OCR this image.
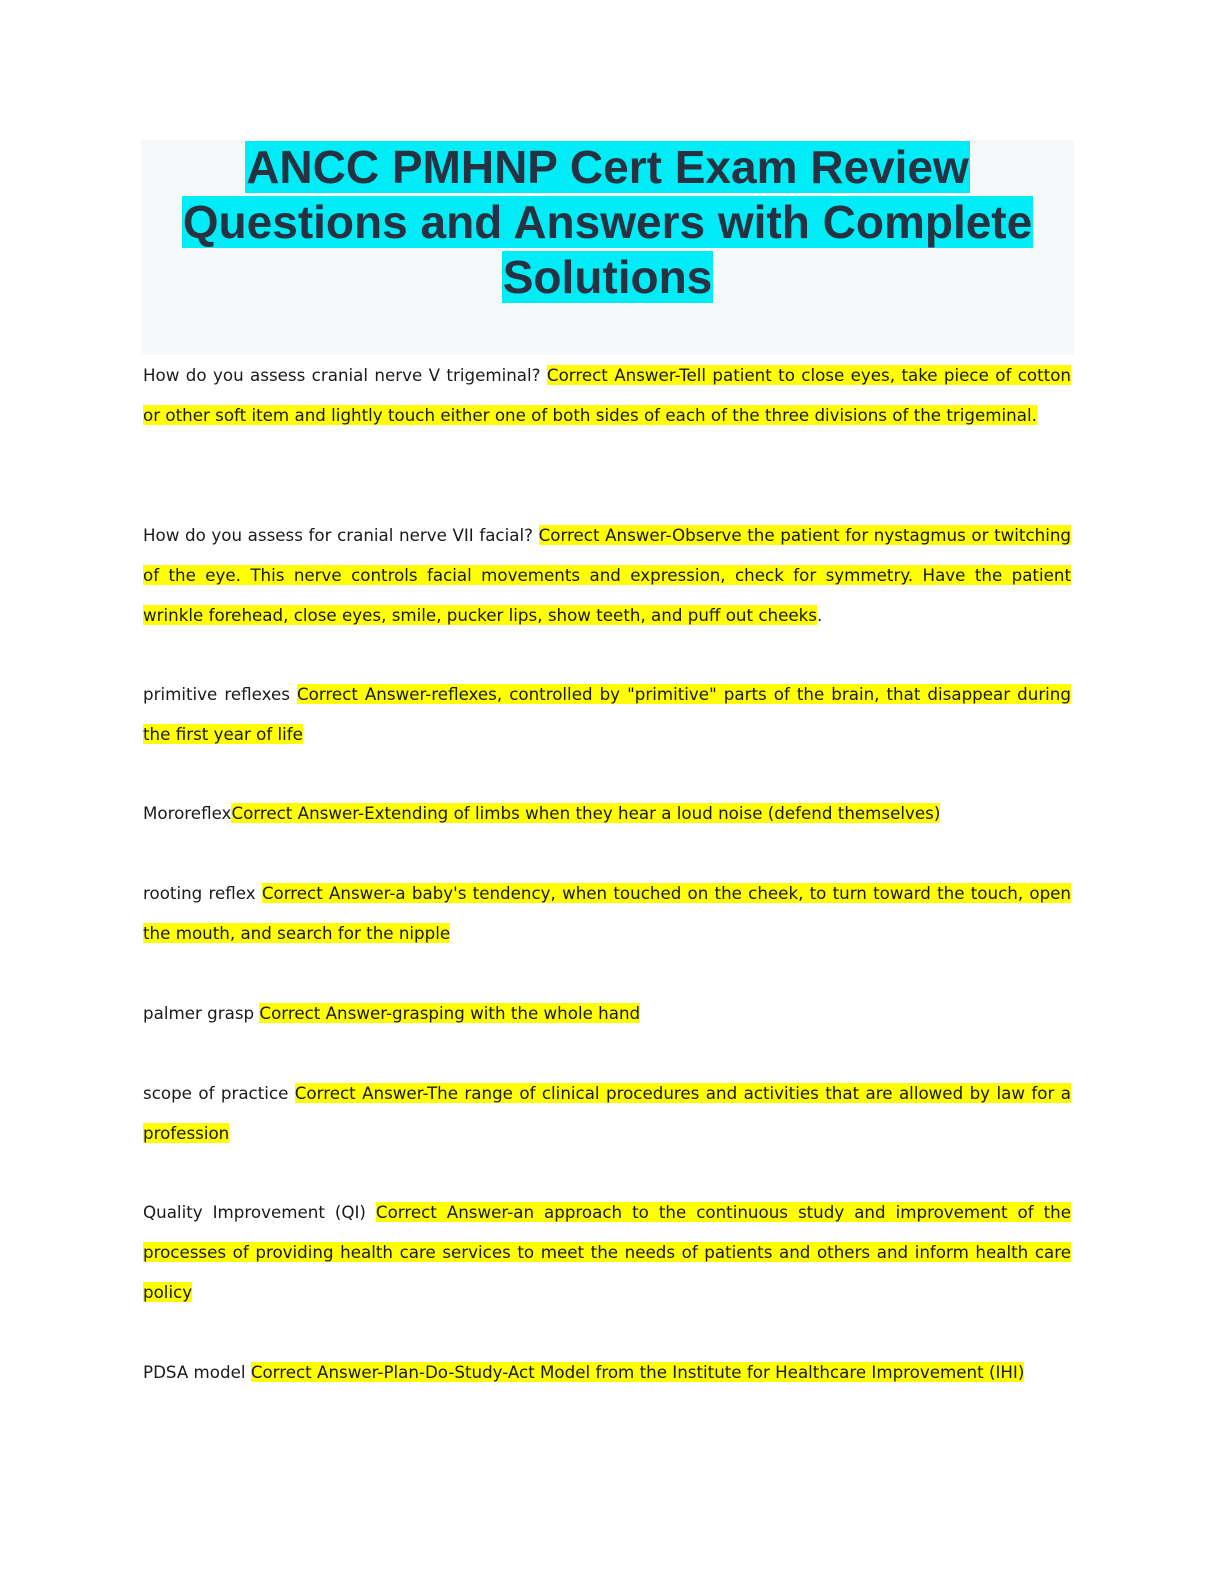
ANCC PMHNP Cert Exam Review
Questions and Answers with Complete
Solutions

How do you assess cranial nerve V trigeminal? Correct Answer-Tell patient to close eyes, take piece of cotton or other soft item and lightly touch either one of both sides of each of the three divisions of the trigeminal.

How do you assess for cranial nerve VII facial? Correct Answer-Observe the patient for nystagmus or twitching of the eye. This nerve controls facial movements and expression, check for symmetry. Have the patient wrinkle forehead, close eyes, smile, pucker lips, show teeth, and puff out cheeks.

primitive reflexes Correct Answer-reflexes, controlled by "primitive" parts of the brain, that disappear during the first year of life

MororeflexCorrect Answer-Extending of limbs when they hear a loud noise (defend themselves)

rooting reflex Correct Answer-a baby's tendency, when touched on the cheek, to turn toward the touch, open the mouth, and search for the nipple

palmer grasp Correct Answer-grasping with the whole hand

scope of practice Correct Answer-The range of clinical procedures and activities that are allowed by law for a profession

Quality Improvement (QI) Correct Answer-an approach to the continuous study and improvement of the processes of providing health care services to meet the needs of patients and others and inform health care policy

PDSA model Correct Answer-Plan-Do-Study-Act Model from the Institute for Healthcare Improvement (IHI)
